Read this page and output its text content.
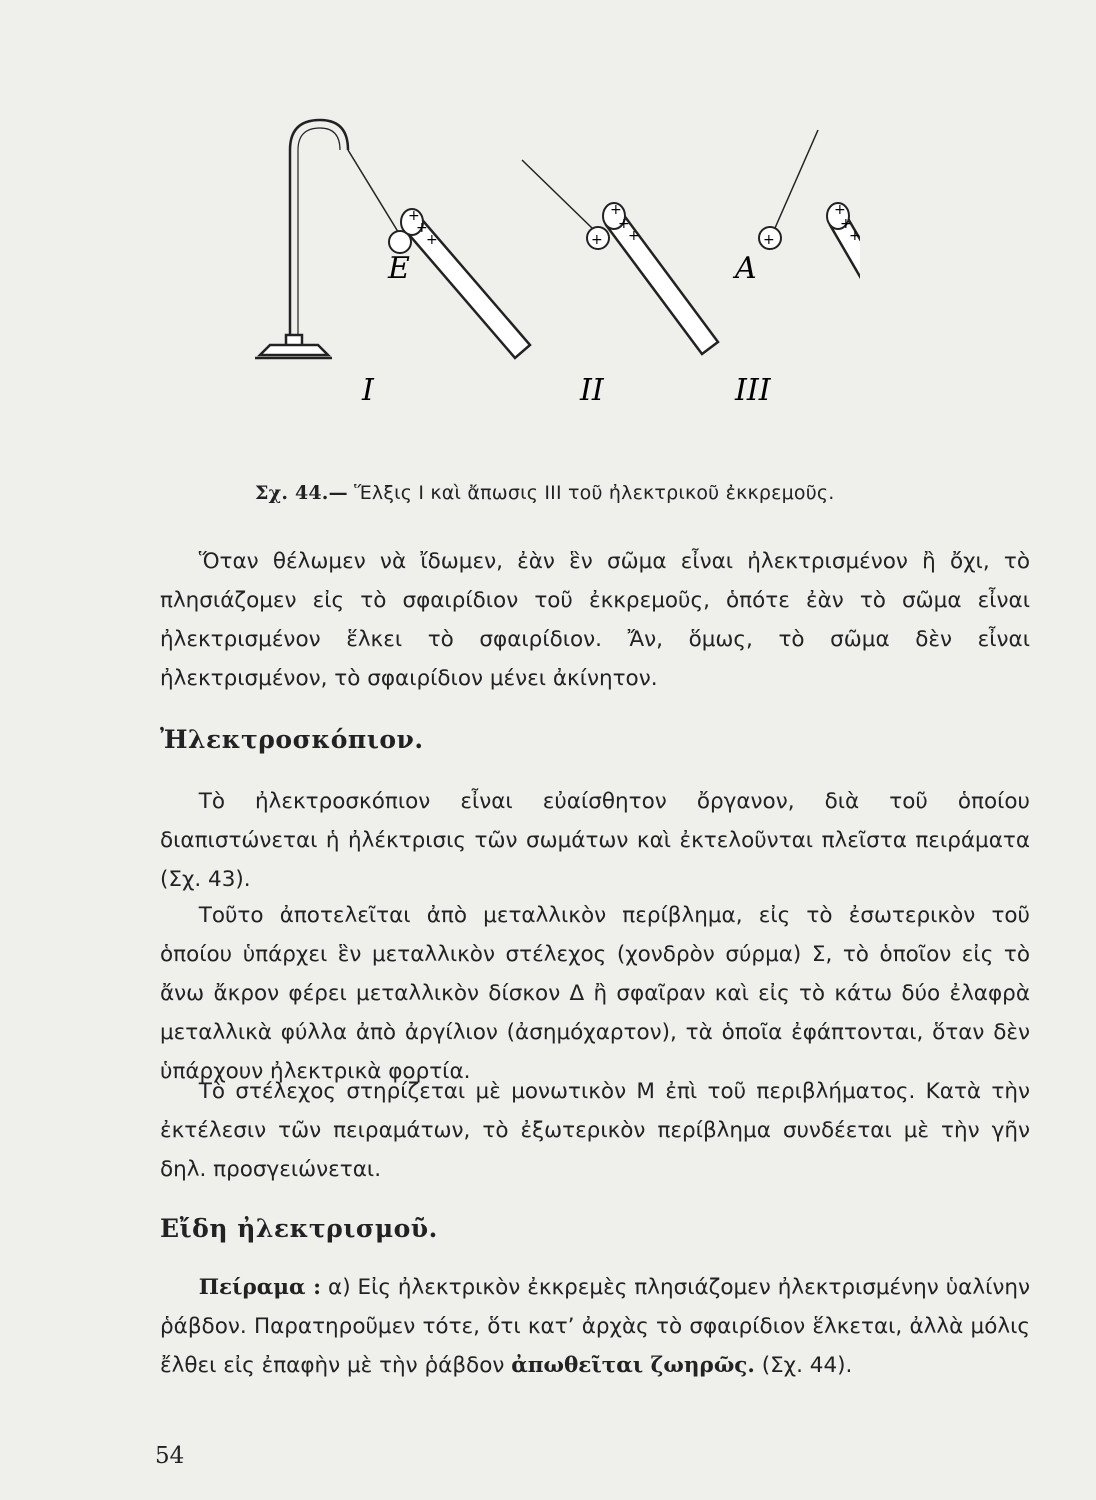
E
+
+
+	+
+
+
+	+
A
+
+
+
I	II	III
Σχ. 44.— Ἕλξις I καὶ ἄπωσις III τοῦ ἠλεκτρικοῦ ἐκκρεμοῦς.
Ὅταν θέλωμεν νὰ ἴδωμεν, ἐὰν ἓν σῶμα εἶναι ἠλεκτρισμένον ἢ ὄχι, τὸ πλησιάζομεν εἰς τὸ σφαιρίδιον τοῦ ἐκκρεμοῦς, ὁπότε ἐὰν τὸ σῶμα εἶναι ἠλεκτρισμένον ἕλκει τὸ σφαιρίδιον. Ἄν, ὅμως, τὸ σῶμα δὲν εἶναι ἠλεκτρισμένον, τὸ σφαιρίδιον μένει ἀκίνητον.
Ἠλεκτροσκόπιον.
Τὸ ἠλεκτροσκόπιον εἶναι εὐαίσθητον ὄργανον, διὰ τοῦ ὁποίου διαπιστώνεται ἡ ἠλέκτρισις τῶν σωμάτων καὶ ἐκτελοῦνται πλεῖστα πειράματα (Σχ. 43).
Τοῦτο ἀποτελεῖται ἀπὸ μεταλλικὸν περίβλημα, εἰς τὸ ἐσωτερικὸν τοῦ ὁποίου ὑπάρχει ἓν μεταλλικὸν στέλεχος (χονδρὸν σύρμα) Σ, τὸ ὁποῖον εἰς τὸ ἄνω ἄκρον φέρει μεταλλικὸν δίσκον Δ ἢ σφαῖραν καὶ εἰς τὸ κάτω δύο ἐλαφρὰ μεταλλικὰ φύλλα ἀπὸ ἀργίλιον (ἀσημόχαρτον), τὰ ὁποῖα ἐφάπτονται, ὅταν δὲν ὑπάρχουν ἠλεκτρικὰ φορτία.
Τὸ στέλεχος στηρίζεται μὲ μονωτικὸν Μ ἐπὶ τοῦ περιβλήματος. Κατὰ τὴν ἐκτέλεσιν τῶν πειραμάτων, τὸ ἐξωτερικὸν περίβλημα συνδέεται μὲ τὴν γῆν δηλ. προσγειώνεται.
Εἴδη ἠλεκτρισμοῦ.
Πείραμα : α) Εἰς ἠλεκτρικὸν ἐκκρεμὲς πλησιάζομεν ἠλεκτρισμένην ὑαλίνην ῥάβδον. Παρατηροῦμεν τότε, ὅτι κατ’ ἀρχὰς τὸ σφαιρίδιον ἕλκεται, ἀλλὰ μόλις ἔλθει εἰς ἐπαφὴν μὲ τὴν ῥάβδον ἀπωθεῖται ζωηρῶς. (Σχ. 44).
54
